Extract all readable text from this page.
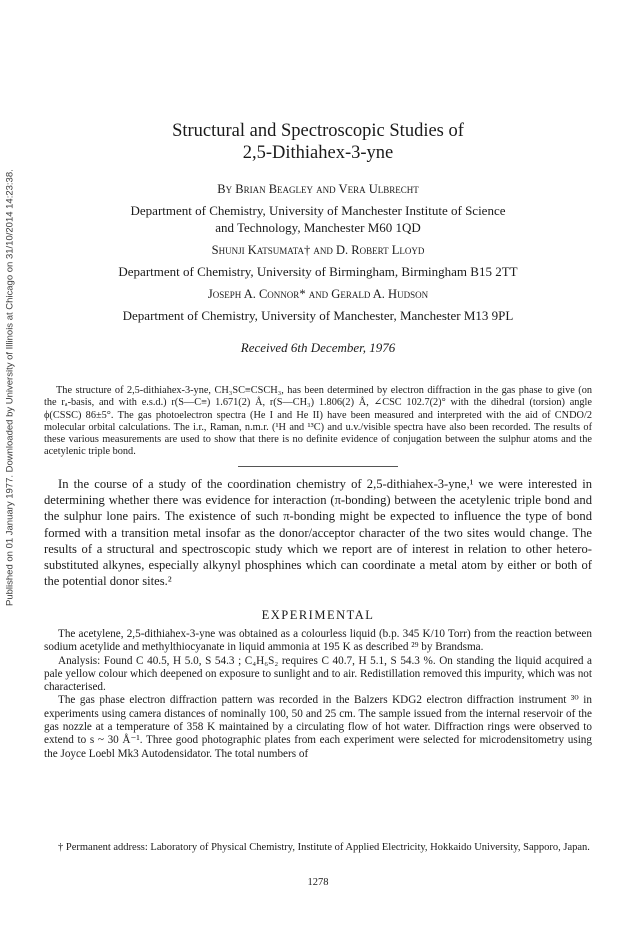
Published on 01 January 1977. Downloaded by University of Illinois at Chicago on 31/10/2014 14:23:38.
Structural and Spectroscopic Studies of
2,5-Dithiahex-3-yne
By Brian Beagley and Vera Ulbrecht
Department of Chemistry, University of Manchester Institute of Science
and Technology, Manchester M60 1QD
Shunji Katsumata† and D. Robert Lloyd
Department of Chemistry, University of Birmingham, Birmingham B15 2TT
Joseph A. Connor* and Gerald A. Hudson
Department of Chemistry, University of Manchester, Manchester M13 9PL
Received 6th December, 1976

The structure of 2,5-dithiahex-3-yne, CH₃SC≡CSCH₃, has been determined by electron diffraction in the gas phase to give (on the rₐ-basis, and with e.s.d.) r(S—C≡) 1.671(2) Å, r(S—CH₃) 1.806(2) Å, ∠CSC 102.7(2)° with the dihedral (torsion) angle ϕ(CSSC) 86±5°. The gas photoelectron spectra (He I and He II) have been measured and interpreted with the aid of CNDO/2 molecular orbital calculations. The i.r., Raman, n.m.r. (¹H and ¹³C) and u.v./visible spectra have also been recorded. The results of these various measurements are used to show that there is no definite evidence of conjugation between the sulphur atoms and the acetylenic triple bond.

In the course of a study of the coordination chemistry of 2,5-dithiahex-3-yne,¹ we were interested in determining whether there was evidence for interaction (π-bonding) between the acetylenic triple bond and the sulphur lone pairs. The existence of such π-bonding might be expected to influence the type of bond formed with a transition metal insofar as the donor/acceptor character of the two sites would change. The results of a structural and spectroscopic study which we report are of interest in relation to other hetero-substituted alkynes, especially alkynyl phosphines which can coordinate a metal atom by either or both of the potential donor sites.²

EXPERIMENTAL

The acetylene, 2,5-dithiahex-3-yne was obtained as a colourless liquid (b.p. 345 K/10 Torr) from the reaction between sodium acetylide and methylthiocyanate in liquid ammonia at 195 K as described ²⁹ by Brandsma.

Analysis: Found C 40.5, H 5.0, S 54.3 ; C₄H₆S₂ requires C 40.7, H 5.1, S 54.3 %. On standing the liquid acquired a pale yellow colour which deepened on exposure to sunlight and to air. Redistillation removed this impurity, which was not characterised.

The gas phase electron diffraction pattern was recorded in the Balzers KDG2 electron diffraction instrument ³⁰ in experiments using camera distances of nominally 100, 50 and 25 cm. The sample issued from the internal reservoir of the gas nozzle at a temperature of 358 K maintained by a circulating flow of hot water. Diffraction rings were observed to extend to s ~ 30 Å⁻¹. Three good photographic plates from each experiment were selected for microdensitometry using the Joyce Loebl Mk3 Autodensidator. The total numbers of

† Permanent address: Laboratory of Physical Chemistry, Institute of Applied Electricity, Hokkaido University, Sapporo, Japan.

1278
